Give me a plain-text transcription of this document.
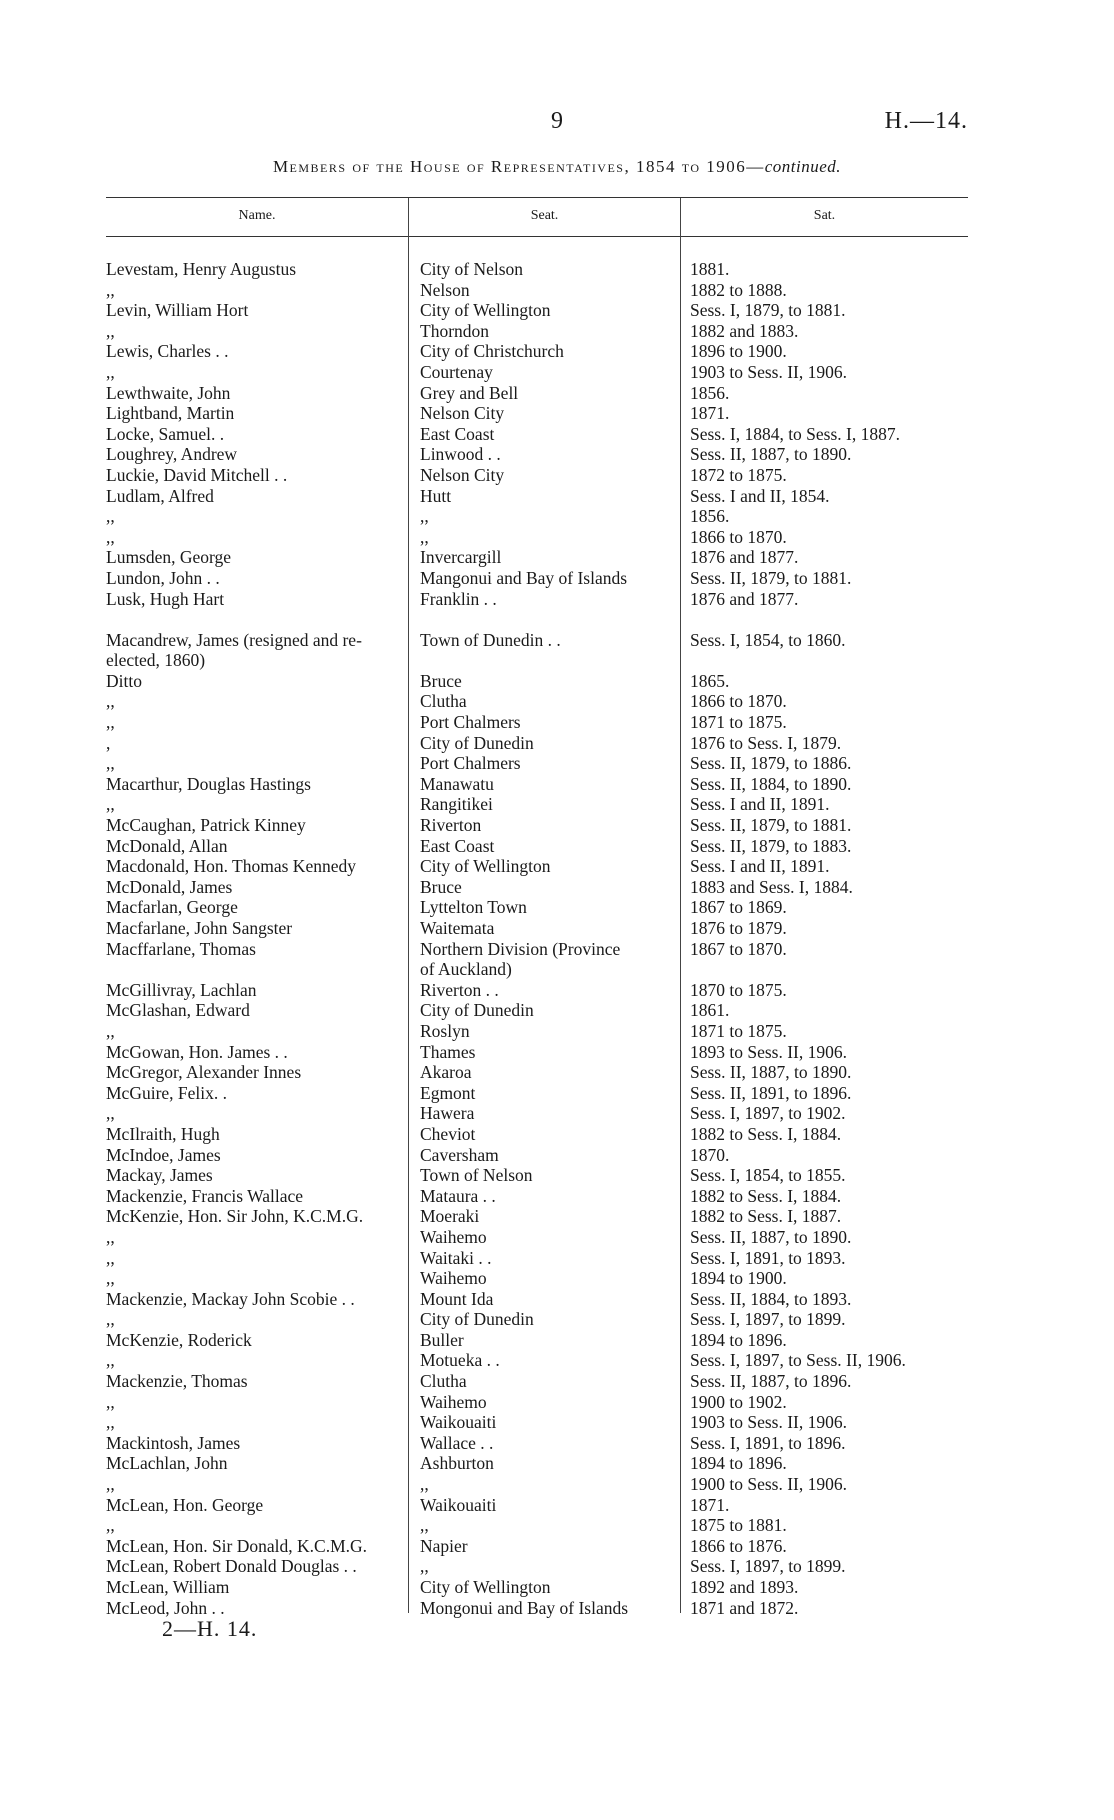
9	H.—14.
Members of the House of Representatives, 1854 to 1906—continued.
Name.	Seat.	Sat.
Levestam, Henry Augustus	City of Nelson	1881.
,,	Nelson	1882 to 1888.
Levin, William Hort	City of Wellington	Sess. I, 1879, to 1881.
,,	Thorndon	1882 and 1883.
Lewis, Charles . .	City of Christchurch	1896 to 1900.
,,	Courtenay	1903 to Sess. II, 1906.
Lewthwaite, John	Grey and Bell	1856.
Lightband, Martin	Nelson City	1871.
Locke, Samuel. .	East Coast	Sess. I, 1884, to Sess. I, 1887.
Loughrey, Andrew	Linwood . .	Sess. II, 1887, to 1890.
Luckie, David Mitchell . .	Nelson City	1872 to 1875.
Ludlam, Alfred	Hutt	Sess. I and II, 1854.
,,	,,	1856.
,,	,,	1866 to 1870.
Lumsden, George	Invercargill	1876 and 1877.
Lundon, John . .	Mangonui and Bay of Islands	Sess. II, 1879, to 1881.
Lusk, Hugh Hart	Franklin . .	1876 and 1877.
Macandrew, James (resigned and re-	Town of Dunedin . .	Sess. I, 1854, to 1860.
elected, 1860)
Ditto	Bruce	1865.
,,	Clutha	1866 to 1870.
,,	Port Chalmers	1871 to 1875.
,	City of Dunedin	1876 to Sess. I, 1879.
,,	Port Chalmers	Sess. II, 1879, to 1886.
Macarthur, Douglas Hastings	Manawatu	Sess. II, 1884, to 1890.
,,	Rangitikei	Sess. I and II, 1891.
McCaughan, Patrick Kinney	Riverton	Sess. II, 1879, to 1881.
McDonald, Allan	East Coast	Sess. II, 1879, to 1883.
Macdonald, Hon. Thomas Kennedy	City of Wellington	Sess. I and II, 1891.
McDonald, James	Bruce	1883 and Sess. I, 1884.
Macfarlan, George	Lyttelton Town	1867 to 1869.
Macfarlane, John Sangster	Waitemata	1876 to 1879.
Macffarlane, Thomas	Northern Division (Province	1867 to 1870.
of Auckland)
McGillivray, Lachlan	Riverton . .	1870 to 1875.
McGlashan, Edward	City of Dunedin	1861.
,,	Roslyn	1871 to 1875.
McGowan, Hon. James . .	Thames	1893 to Sess. II, 1906.
McGregor, Alexander Innes	Akaroa	Sess. II, 1887, to 1890.
McGuire, Felix. .	Egmont	Sess. II, 1891, to 1896.
,,	Hawera	Sess. I, 1897, to 1902.
McIlraith, Hugh	Cheviot	1882 to Sess. I, 1884.
McIndoe, James	Caversham	1870.
Mackay, James	Town of Nelson	Sess. I, 1854, to 1855.
Mackenzie, Francis Wallace	Mataura . .	1882 to Sess. I, 1884.
McKenzie, Hon. Sir John, K.C.M.G.	Moeraki	1882 to Sess. I, 1887.
,,	Waihemo	Sess. II, 1887, to 1890.
,,	Waitaki . .	Sess. I, 1891, to 1893.
,,	Waihemo	1894 to 1900.
Mackenzie, Mackay John Scobie . .	Mount Ida	Sess. II, 1884, to 1893.
,,	City of Dunedin	Sess. I, 1897, to 1899.
McKenzie, Roderick	Buller	1894 to 1896.
,,	Motueka . .	Sess. I, 1897, to Sess. II, 1906.
Mackenzie, Thomas	Clutha	Sess. II, 1887, to 1896.
,,	Waihemo	1900 to 1902.
,,	Waikouaiti	1903 to Sess. II, 1906.
Mackintosh, James	Wallace . .	Sess. I, 1891, to 1896.
McLachlan, John	Ashburton	1894 to 1896.
,,	,,	1900 to Sess. II, 1906.
McLean, Hon. George	Waikouaiti	1871.
,,	,,	1875 to 1881.
McLean, Hon. Sir Donald, K.C.M.G.	Napier	1866 to 1876.
McLean, Robert Donald Douglas . .	,,	Sess. I, 1897, to 1899.
McLean, William	City of Wellington	1892 and 1893.
McLeod, John . .	Mongonui and Bay of Islands	1871 and 1872.
2—H. 14.
